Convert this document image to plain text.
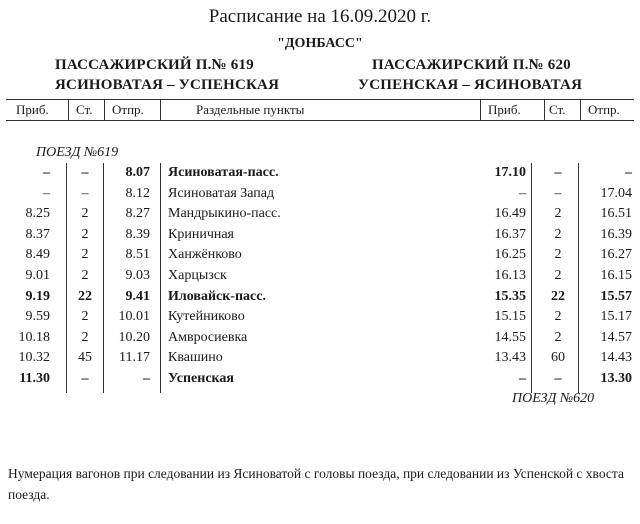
Расписание на 16.09.2020 г.
"ДОНБАСС"
ПАССАЖИРСКИЙ П.№ 619
ЯСИНОВАТАЯ – УСПЕНСКАЯ
ПАССАЖИРСКИЙ П.№ 620
УСПЕНСКАЯ – ЯСИНОВАТАЯ
Приб. Ст. Отпр.	Раздельные пункты	Приб. Ст. Отпр.
ПОЕЗД №619
–	–	8.07 Ясиноватая-пасс.	17.10	–	–
–	–	8.12 Ясиноватая Запад	–	–	17.04
8.25	2	8.27 Мандрыкино-пасс.	16.49	2	16.51
8.37	2	8.39 Криничная	16.37	2	16.39
8.49	2	8.51 Ханжёнково	16.25	2	16.27
9.01	2	9.03 Харцызск	16.13	2	16.15
9.19	22	9.41 Иловайск-пасс.	15.35	22	15.57
9.59	2	10.01 Кутейниково	15.15	2	15.17
10.18	2	10.20 Амвросиевка	14.55	2	14.57
10.32	45	11.17 Квашино	13.43	60	14.43
11.30	–	– Успенская	–	–	13.30
ПОЕЗД №620
Нумерация вагонов при следовании из Ясиноватой с головы поезда, при следовании из Успенской с хвоста поезда.
